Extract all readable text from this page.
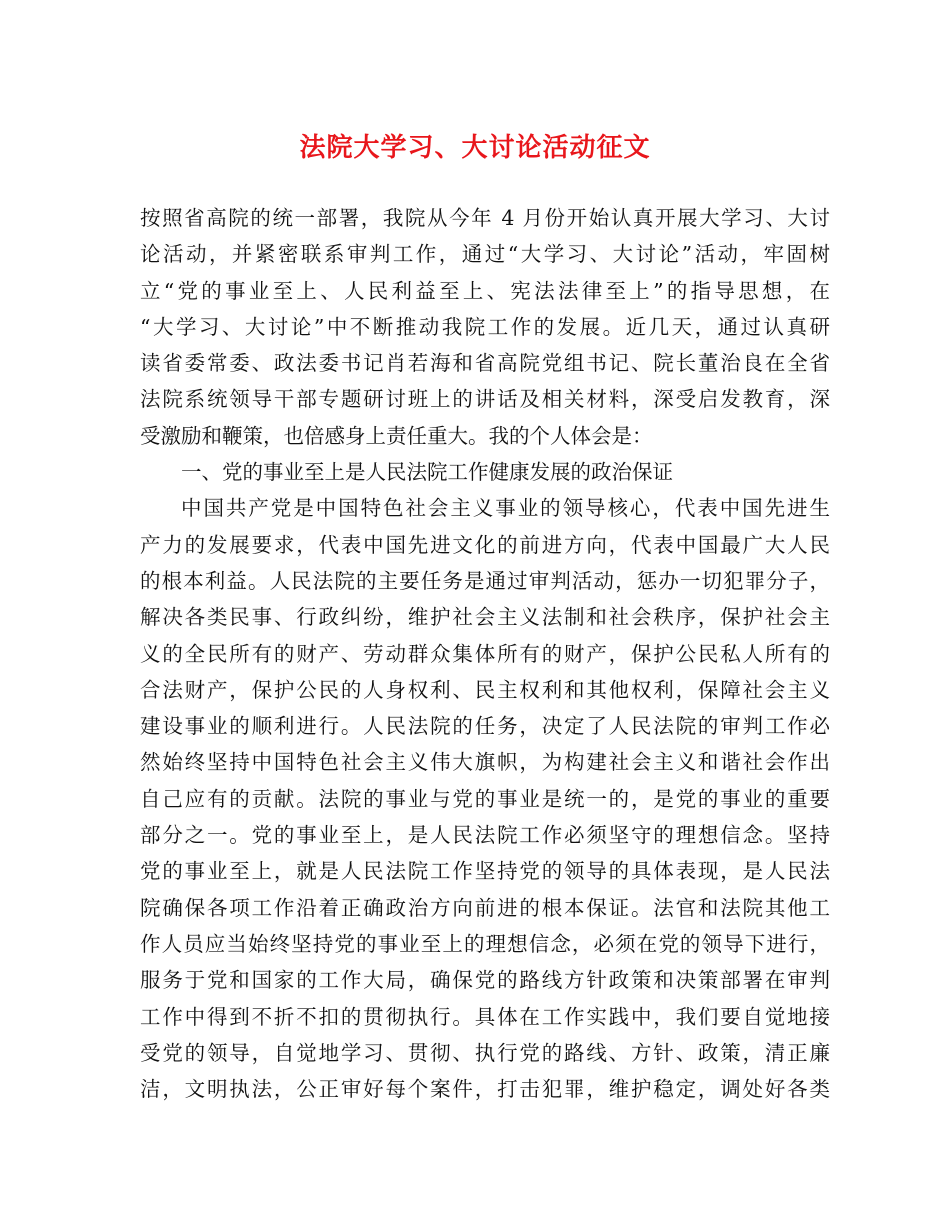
法院大学习、大讨论活动征文
按照省高院的统一部署，我院从今年 4 月份开始认真开展大学习、大讨
论活动，并紧密联系审判工作，通过“大学习、大讨论”活动，牢固树
立“党的事业至上、人民利益至上、宪法法律至上”的指导思想，在
“大学习、大讨论”中不断推动我院工作的发展。近几天，通过认真研
读省委常委、政法委书记肖若海和省高院党组书记、院长董治良在全省
法院系统领导干部专题研讨班上的讲话及相关材料，深受启发教育，深
受激励和鞭策，也倍感身上责任重大。我的个人体会是：
一、党的事业至上是人民法院工作健康发展的政治保证
中国共产党是中国特色社会主义事业的领导核心，代表中国先进生
产力的发展要求，代表中国先进文化的前进方向，代表中国最广大人民
的根本利益。人民法院的主要任务是通过审判活动，惩办一切犯罪分子，
解决各类民事、行政纠纷，维护社会主义法制和社会秩序，保护社会主
义的全民所有的财产、劳动群众集体所有的财产，保护公民私人所有的
合法财产，保护公民的人身权利、民主权利和其他权利，保障社会主义
建设事业的顺利进行。人民法院的任务，决定了人民法院的审判工作必
然始终坚持中国特色社会主义伟大旗帜，为构建社会主义和谐社会作出
自己应有的贡献。法院的事业与党的事业是统一的，是党的事业的重要
部分之一。党的事业至上，是人民法院工作必须坚守的理想信念。坚持
党的事业至上，就是人民法院工作坚持党的领导的具体表现，是人民法
院确保各项工作沿着正确政治方向前进的根本保证。法官和法院其他工
作人员应当始终坚持党的事业至上的理想信念，必须在党的领导下进行，
服务于党和国家的工作大局，确保党的路线方针政策和决策部署在审判
工作中得到不折不扣的贯彻执行。具体在工作实践中，我们要自觉地接
受党的领导，自觉地学习、贯彻、执行党的路线、方针、政策，清正廉
洁，文明执法，公正审好每个案件，打击犯罪，维护稳定，调处好各类
